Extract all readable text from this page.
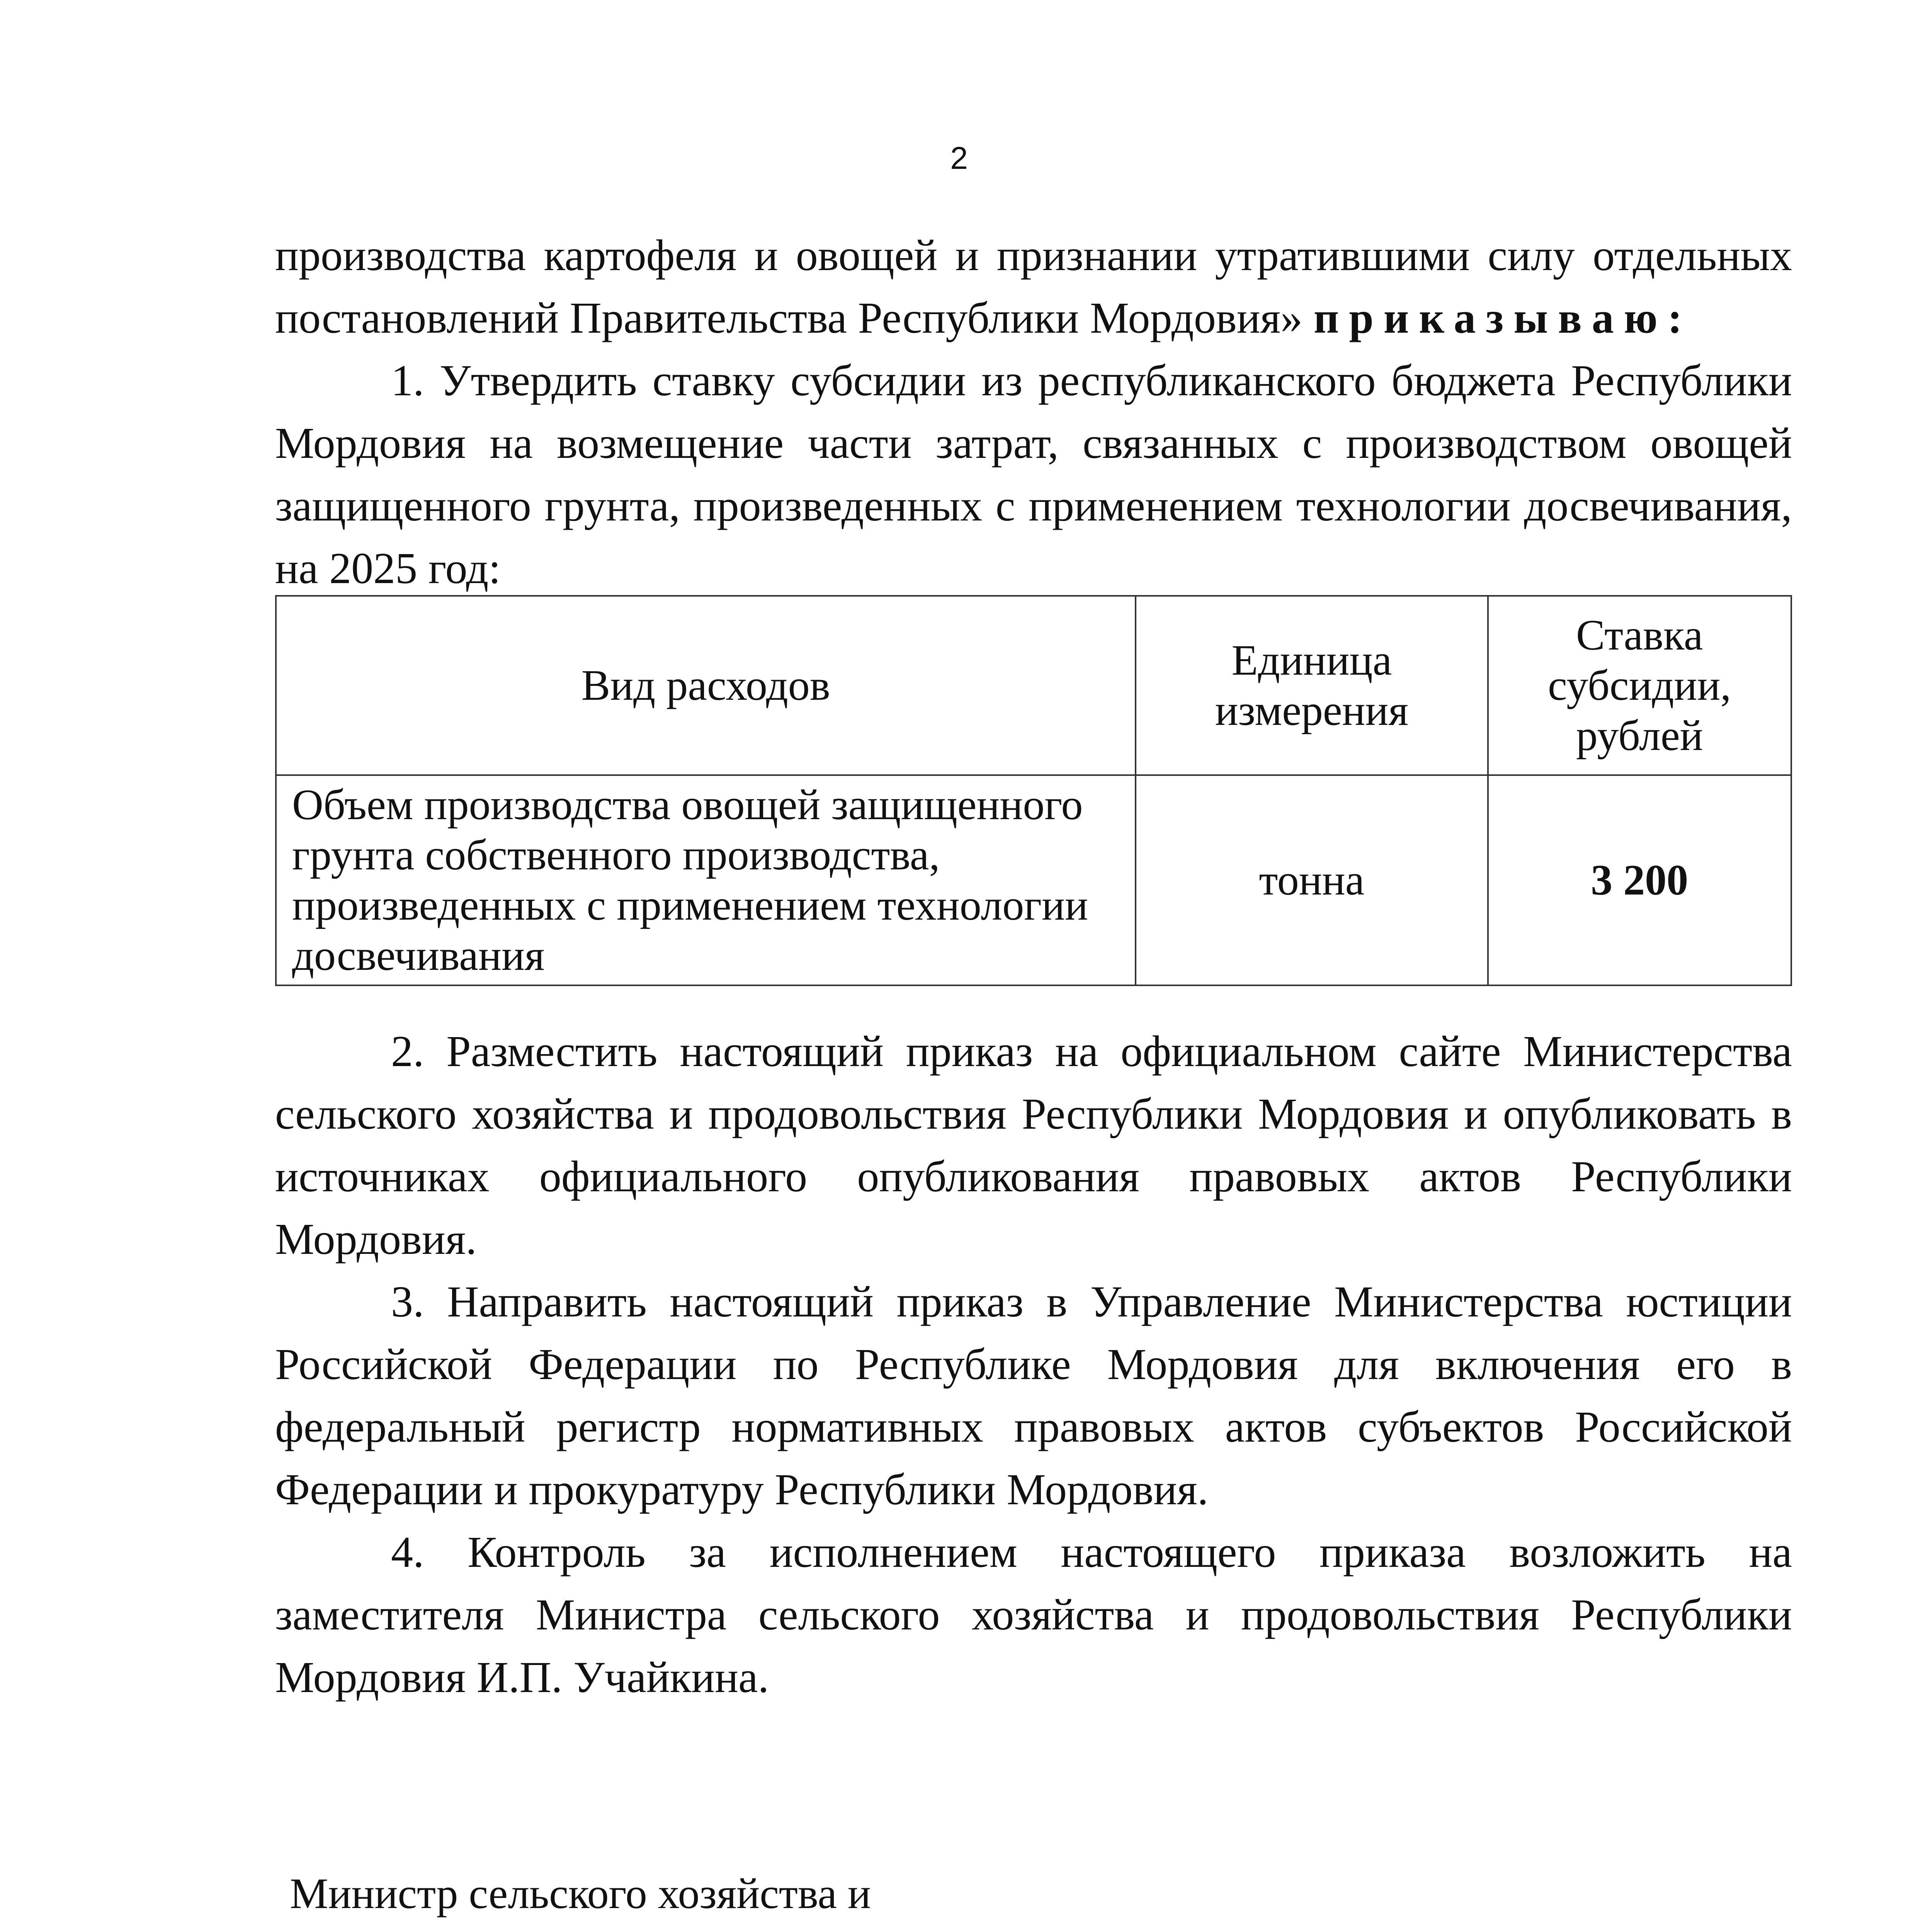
2

производства картофеля и овощей и признании утратившими силу отдельных постановлений Правительства Республики Мордовия» приказываю:

1. Утвердить ставку субсидии из республиканского бюджета Республики Мордовия на возмещение части затрат, связанных с производством овощей защищенного грунта, произведенных с применением технологии досвечивания, на 2025 год:

Вид расходов	Единица измерения	Ставка субсидии, рублей
Объем производства овощей защищенного грунта собственного производства, произведенных с применением технологии досвечивания	тонна	3 200

2. Разместить настоящий приказ на официальном сайте Министерства сельского хозяйства и продовольствия Республики Мордовия и опубликовать в источниках официального опубликования правовых актов Республики Мордовия.

3. Направить настоящий приказ в Управление Министерства юстиции Российской Федерации по Республике Мордовия для включения его в федеральный регистр нормативных правовых актов субъектов Российской Федерации и прокуратуру Республики Мордовия.

4. Контроль за исполнением настоящего приказа возложить на заместителя Министра сельского хозяйства и продовольствия Республики Мордовия И.П. Учайкина.

Министр сельского хозяйства и
